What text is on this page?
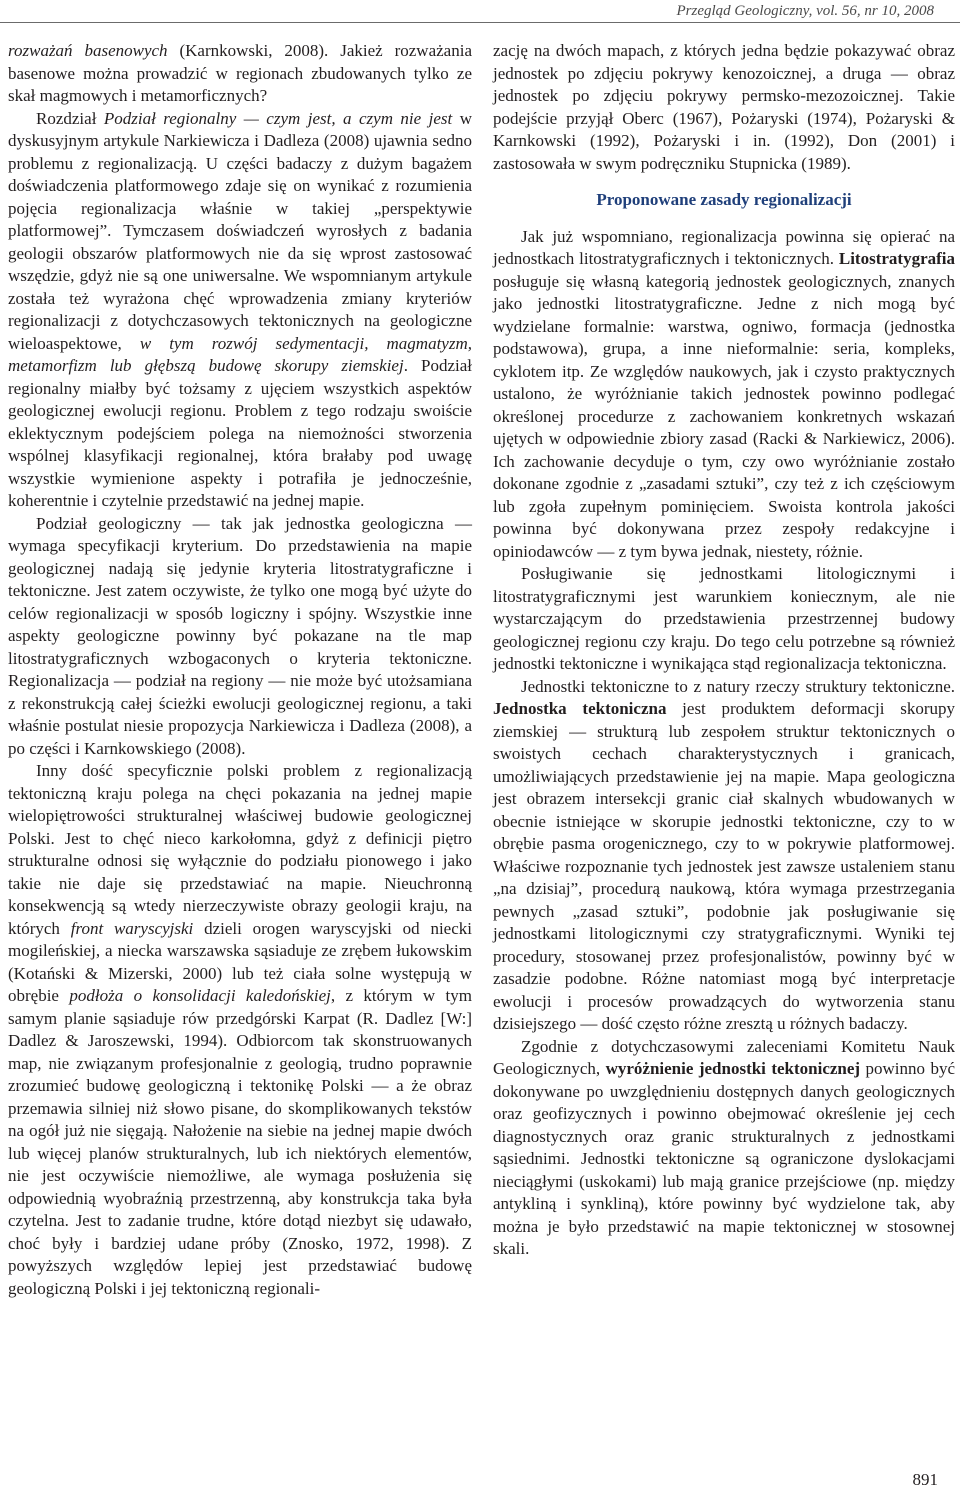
Przegląd Geologiczny, vol. 56, nr 10, 2008

rozważań basenowych (Karnkowski, 2008). Jakież rozważania basenowe można prowadzić w regionach zbudowanych tylko ze skał magmowych i metamorficznych?

Rozdział Podział regionalny — czym jest, a czym nie jest w dyskusyjnym artykule Narkiewicza i Dadleza (2008) ujawnia sedno problemu z regionalizacją. U części badaczy z dużym bagażem doświadczenia platformowego zdaje się on wynikać z rozumienia pojęcia regionalizacja właśnie w takiej „perspektywie platformowej”. Tymczasem doświadczeń wyrosłych z badania geologii obszarów platformowych nie da się wprost zastosować wszędzie, gdyż nie są one uniwersalne. We wspomnianym artykule została też wyrażona chęć wprowadzenia zmiany kryteriów regionalizacji z dotychczasowych tektonicznych na geologiczne wieloaspektowe, w tym rozwój sedymentacji, magmatyzm, metamorfizm lub głębszą budowę skorupy ziemskiej. Podział regionalny miałby być tożsamy z ujęciem wszystkich aspektów geologicznej ewolucji regionu. Problem z tego rodzaju swoiście eklektycznym podejściem polega na niemożności stworzenia wspólnej klasyfikacji regionalnej, która brałaby pod uwagę wszystkie wymienione aspekty i potrafiła je jednocześnie, koherentnie i czytelnie przedstawić na jednej mapie.

Podział geologiczny — tak jak jednostka geologiczna — wymaga specyfikacji kryterium. Do przedstawienia na mapie geologicznej nadają się jedynie kryteria litostratygraficzne i tektoniczne. Jest zatem oczywiste, że tylko one mogą być użyte do celów regionalizacji w sposób logiczny i spójny. Wszystkie inne aspekty geologiczne powinny być pokazane na tle map litostratygraficznych wzbogaconych o kryteria tektoniczne. Regionalizacja — podział na regiony — nie może być utożsamiana z rekonstrukcją całej ścieżki ewolucji geologicznej regionu, a taki właśnie postulat niesie propozycja Narkiewicza i Dadleza (2008), a po części i Karnkowskiego (2008).

Inny dość specyficznie polski problem z regionalizacją tektoniczną kraju polega na chęci pokazania na jednej mapie wielopiętrowości strukturalnej właściwej budowie geologicznej Polski. Jest to chęć nieco karkołomna, gdyż z definicji piętro strukturalne odnosi się wyłącznie do podziału pionowego i jako takie nie daje się przedstawiać na mapie. Nieuchronną konsekwencją są wtedy nierzeczywiste obrazy geologii kraju, na których front waryscyjski dzieli orogen waryscyjski od niecki mogileńskiej, a niecka warszawska sąsiaduje ze zrębem łukowskim (Kotański & Mizerski, 2000) lub też ciała solne występują w obrębie podłoża o konsolidacji kaledońskiej, z którym w tym samym planie sąsiaduje rów przedgórski Karpat (R. Dadlez [W:] Dadlez & Jaroszewski, 1994). Odbiorcom tak skonstruowanych map, nie związanym profesjonalnie z geologią, trudno poprawnie zrozumieć budowę geologiczną i tektonikę Polski — a że obraz przemawia silniej niż słowo pisane, do skomplikowanych tekstów na ogół już nie sięgają. Nałożenie na siebie na jednej mapie dwóch lub więcej planów strukturalnych, lub ich niektórych elementów, nie jest oczywiście niemożliwe, ale wymaga posłużenia się odpowiednią wyobraźnią przestrzenną, aby konstrukcja taka była czytelna. Jest to zadanie trudne, które dotąd niezbyt się udawało, choć były i bardziej udane próby (Znosko, 1972, 1998). Z powyższych względów lepiej jest przedstawiać budowę geologiczną Polski i jej tektoniczną regionali-

zację na dwóch mapach, z których jedna będzie pokazywać obraz jednostek po zdjęciu pokrywy kenozoicznej, a druga — obraz jednostek po zdjęciu pokrywy permsko-mezozoicznej. Takie podejście przyjął Oberc (1967), Pożaryski (1974), Pożaryski & Karnkowski (1992), Pożaryski i in. (1992), Don (2001) i zastosowała w swym podręczniku Stupnicka (1989).

Proponowane zasady regionalizacji

Jak już wspomniano, regionalizacja powinna się opierać na jednostkach litostratygraficznych i tektonicznych. Litostratygrafia posługuje się własną kategorią jednostek geologicznych, znanych jako jednostki litostratygraficzne. Jedne z nich mogą być wydzielane formalnie: warstwa, ogniwo, formacja (jednostka podstawowa), grupa, a inne nieformalnie: seria, kompleks, cyklotem itp. Ze względów naukowych, jak i czysto praktycznych ustalono, że wyróżnianie takich jednostek powinno podlegać określonej procedurze z zachowaniem konkretnych wskazań ujętych w odpowiednie zbiory zasad (Racki & Narkiewicz, 2006). Ich zachowanie decyduje o tym, czy owo wyróżnianie zostało dokonane zgodnie z „zasadami sztuki”, czy też z ich częściowym lub zgoła zupełnym pominięciem. Swoista kontrola jakości powinna być dokonywana przez zespoły redakcyjne i opiniodawców — z tym bywa jednak, niestety, różnie.

Posługiwanie się jednostkami litologicznymi i litostratygraficznymi jest warunkiem koniecznym, ale nie wystarczającym do przedstawienia przestrzennej budowy geologicznej regionu czy kraju. Do tego celu potrzebne są również jednostki tektoniczne i wynikająca stąd regionalizacja tektoniczna.

Jednostki tektoniczne to z natury rzeczy struktury tektoniczne. Jednostka tektoniczna jest produktem deformacji skorupy ziemskiej — strukturą lub zespołem struktur tektonicznych o swoistych cechach charakterystycznych i granicach, umożliwiających przedstawienie jej na mapie. Mapa geologiczna jest obrazem intersekcji granic ciał skalnych wbudowanych w obecnie istniejące w skorupie jednostki tektoniczne, czy to w obrębie pasma orogenicznego, czy to w pokrywie platformowej. Właściwe rozpoznanie tych jednostek jest zawsze ustaleniem stanu „na dzisiaj”, procedurą naukową, która wymaga przestrzegania pewnych „zasad sztuki”, podobnie jak posługiwanie się jednostkami litologicznymi czy stratygraficznymi. Wyniki tej procedury, stosowanej przez profesjonalistów, powinny być w zasadzie podobne. Różne natomiast mogą być interpretacje ewolucji i procesów prowadzących do wytworzenia stanu dzisiejszego — dość często różne zresztą u różnych badaczy.

Zgodnie z dotychczasowymi zaleceniami Komitetu Nauk Geologicznych, wyróżnienie jednostki tektonicznej powinno być dokonywane po uwzględnieniu dostępnych danych geologicznych oraz geofizycznych i powinno obejmować określenie jej cech diagnostycznych oraz granic strukturalnych z jednostkami sąsiednimi. Jednostki tektoniczne są ograniczone dyslokacjami nieciągłymi (uskokami) lub mają granice przejściowe (np. między antykliną i synkliną), które powinny być wydzielone tak, aby można je było przedstawić na mapie tektonicznej w stosownej skali.

891
